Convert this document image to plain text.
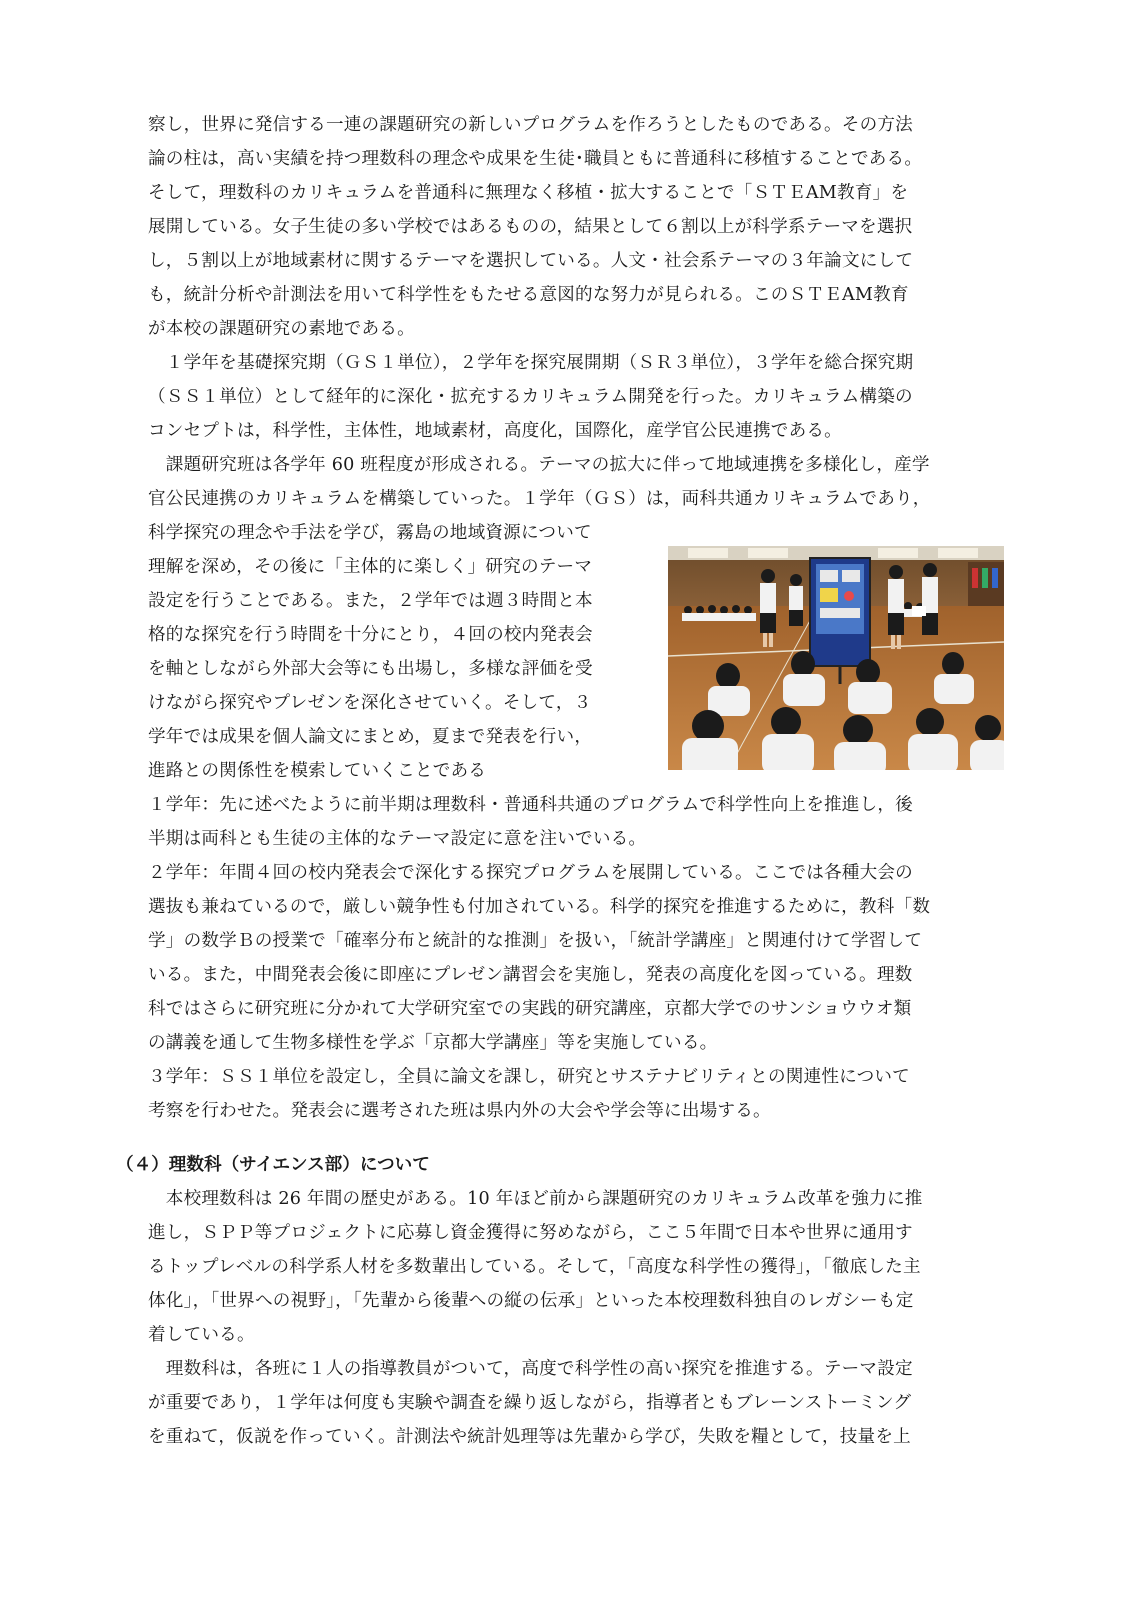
察し，世界に発信する一連の課題研究の新しいプログラムを作ろうとしたものである。その方法
論の柱は，高い実績を持つ理数科の理念や成果を生徒･職員ともに普通科に移植することである。
そして，理数科のカリキュラムを普通科に無理なく移植・拡大することで「ＳＴＥAM教育」を
展開している。女子生徒の多い学校ではあるものの，結果として６割以上が科学系テーマを選択
し，５割以上が地域素材に関するテーマを選択している。人文・社会系テーマの３年論文にして
も，統計分析や計測法を用いて科学性をもたせる意図的な努力が見られる。このＳＴＥAM教育
が本校の課題研究の素地である。
　１学年を基礎探究期（ＧＳ１単位），２学年を探究展開期（ＳＲ３単位），３学年を総合探究期
（ＳＳ１単位）として経年的に深化・拡充するカリキュラム開発を行った。カリキュラム構築の
コンセプトは，科学性，主体性，地域素材，高度化，国際化，産学官公民連携である。
　課題研究班は各学年 60 班程度が形成される。テーマの拡大に伴って地域連携を多様化し，産学
官公民連携のカリキュラムを構築していった。１学年（ＧＳ）は，両科共通カリキュラムであり，
科学探究の理念や手法を学び，霧島の地域資源について
理解を深め，その後に「主体的に楽しく」研究のテーマ
設定を行うことである。また，２学年では週３時間と本
格的な探究を行う時間を十分にとり，４回の校内発表会
を軸としながら外部大会等にも出場し，多様な評価を受
けながら探究やプレゼンを深化させていく。そして，３
学年では成果を個人論文にまとめ，夏まで発表を行い，
進路との関係性を模索していくことである
１学年：先に述べたように前半期は理数科・普通科共通のプログラムで科学性向上を推進し，後
半期は両科とも生徒の主体的なテーマ設定に意を注いでいる。
２学年：年間４回の校内発表会で深化する探究プログラムを展開している。ここでは各種大会の
選抜も兼ねているので，厳しい競争性も付加されている。科学的探究を推進するために，教科「数
学」の数学Ｂの授業で「確率分布と統計的な推測」を扱い，「統計学講座」と関連付けて学習して
いる。また，中間発表会後に即座にプレゼン講習会を実施し，発表の高度化を図っている。理数
科ではさらに研究班に分かれて大学研究室での実践的研究講座，京都大学でのサンショウウオ類
の講義を通して生物多様性を学ぶ「京都大学講座」等を実施している。
３学年：ＳＳ１単位を設定し，全員に論文を課し，研究とサステナビリティとの関連性について
考察を行わせた。発表会に選考された班は県内外の大会や学会等に出場する。
（４）理数科（サイエンス部）について
　本校理数科は 26 年間の歴史がある。10 年ほど前から課題研究のカリキュラム改革を強力に推
進し，ＳＰＰ等プロジェクトに応募し資金獲得に努めながら，ここ５年間で日本や世界に通用す
るトップレベルの科学系人材を多数輩出している。そして，「高度な科学性の獲得」，「徹底した主
体化」，「世界への視野」，「先輩から後輩への縦の伝承」といった本校理数科独自のレガシーも定
着している。
　理数科は，各班に１人の指導教員がついて，高度で科学性の高い探究を推進する。テーマ設定
が重要であり，１学年は何度も実験や調査を繰り返しながら，指導者ともブレーンストーミング
を重ねて，仮説を作っていく。計測法や統計処理等は先輩から学び，失敗を糧として，技量を上
